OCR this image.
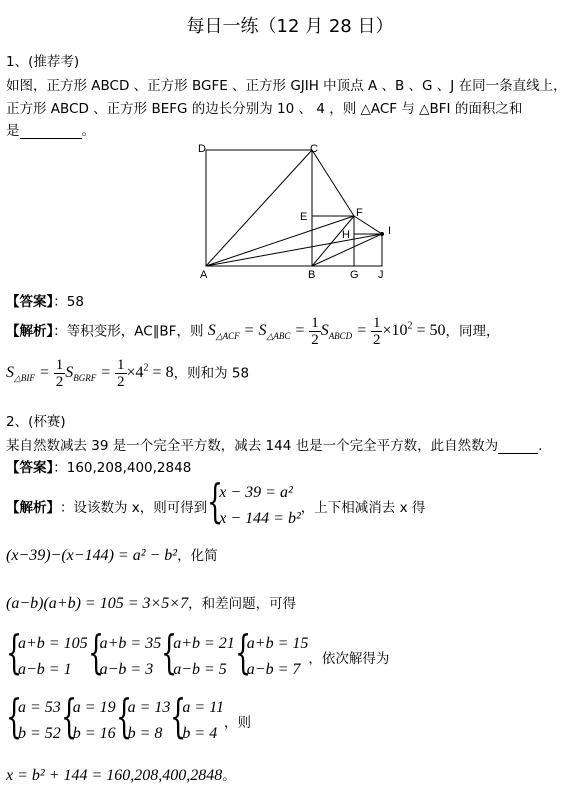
每日一练（12 月 28 日）
1、(推荐考)
如图，正方形 ABCD 、正方形 BGFE 、正方形 GJIH 中顶点 A 、B 、G 、J 在同一条直线上，
正方形 ABCD 、正方形 BEFG 的边长分别为 10 、 4 ，则 △ACF 与 △BFI 的面积之和
是	。
D	C
E	F
H	I
A	B	G J
【答案】：58
【解析】：等积变形，AC∥BF，则 $S_{\triangle ACF} = S_{\triangle ABC} = \frac{1}{2} S_{ABCD} = \frac{1}{2} \times 10^2 = 50$，同理，
$S_{\triangle BIF} = \frac{1}{2} S_{BGRF} = \frac{1}{2} \times 4^2 = 8$，则和为 58
2、(杯赛)
某自然数减去 39 是一个完全平方数，减去 144 也是一个完全平方数，此自然数为	.
【答案】：160,208,400,2848
【解析】 ：设该数为 x，则可得到 {
x − 39 = a²
x − 144 = b²
，上下相减消去 x 得
(x−39)−(x−144) = a² − b²，化简
(a−b)(a+b) = 105 = 3×5×7，和差问题，可得
{
a+b = 105
a−b = 1 {
a+b = 35
a−b = 3 {
a+b = 21
a−b = 5 {
a+b = 15
a−b = 7
，依次解得为
{
a = 53
b = 52 {
a = 19
b = 16 {
a = 13
b = 8 {
a = 11
b = 4
，则
x = b² + 144 = 160,208,400,2848。
